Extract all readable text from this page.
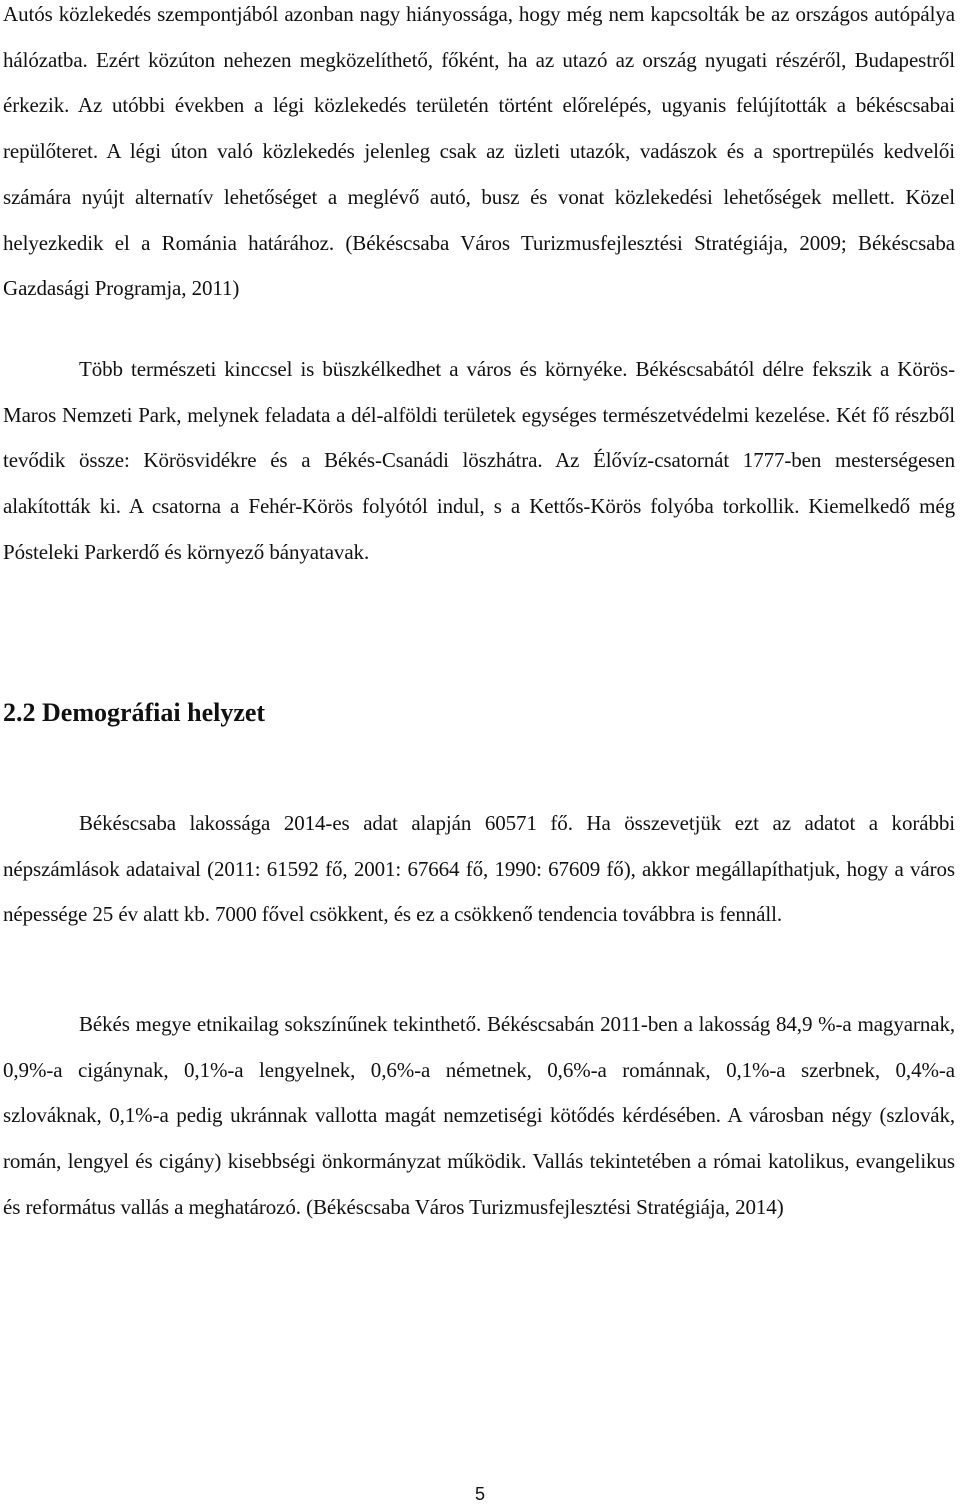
Autós közlekedés szempontjából azonban nagy hiányossága, hogy még nem kapcsolták be az országos autópálya hálózatba. Ezért közúton nehezen megközelíthető, főként, ha az utazó az ország nyugati részéről, Budapestről érkezik. Az utóbbi években a légi közlekedés területén történt előrelépés, ugyanis felújították a békéscsabai repülőteret. A légi úton való közlekedés jelenleg csak az üzleti utazók, vadászok és a sportrepülés kedvelői számára nyújt alternatív lehetőséget a meglévő autó, busz és vonat közlekedési lehetőségek mellett. Közel helyezkedik el a Románia határához. (Békéscsaba Város Turizmusfejlesztési Stratégiája, 2009; Békéscsaba Gazdasági Programja, 2011)

Több természeti kinccsel is büszkélkedhet a város és környéke. Békéscsabától délre fekszik a Körös-Maros Nemzeti Park, melynek feladata a dél-alföldi területek egységes természetvédelmi kezelése. Két fő részből tevődik össze: Körösvidékre és a Békés-Csanádi löszhátra. Az Élővíz-csatornát 1777-ben mesterségesen alakították ki. A csatorna a Fehér-Körös folyótól indul, s a Kettős-Körös folyóba torkollik. Kiemelkedő még Pósteleki Parkerdő és környező bányatavak.

2.2 Demográfiai helyzet

Békéscsaba lakossága 2014-es adat alapján 60571 fő. Ha összevetjük ezt az adatot a korábbi népszámlások adataival (2011: 61592 fő, 2001: 67664 fő, 1990: 67609 fő), akkor megállapíthatjuk, hogy a város népessége 25 év alatt kb. 7000 fővel csökkent, és ez a csökkenő tendencia továbbra is fennáll.

Békés megye etnikailag sokszínűnek tekinthető. Békéscsabán 2011-ben a lakosság 84,9 %-a magyarnak, 0,9%-a cigánynak, 0,1%-a lengyelnek, 0,6%-a németnek, 0,6%-a románnak, 0,1%-a szerbnek, 0,4%-a szlováknak, 0,1%-a pedig ukránnak vallotta magát nemzetiségi kötődés kérdésében. A városban négy (szlovák, román, lengyel és cigány) kisebbségi önkormányzat működik. Vallás tekintetében a római katolikus, evangelikus és református vallás a meghatározó. (Békéscsaba Város Turizmusfejlesztési Stratégiája, 2014)

5
